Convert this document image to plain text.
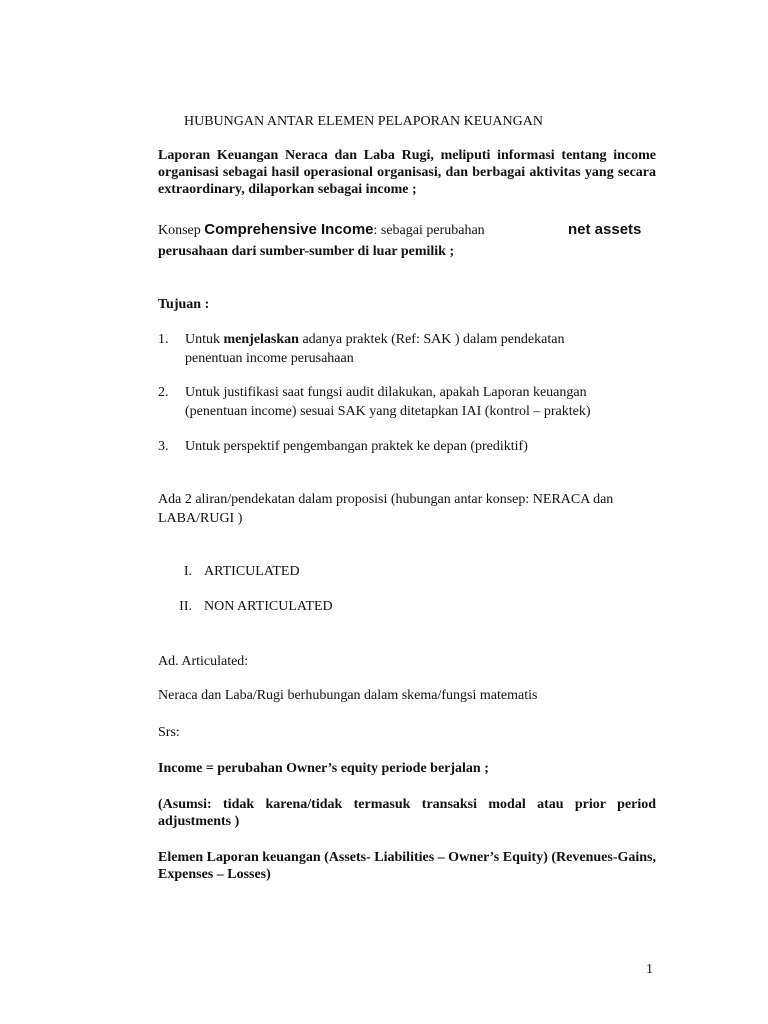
HUBUNGAN ANTAR ELEMEN PELAPORAN KEUANGAN
Laporan Keuangan Neraca dan Laba Rugi, meliputi informasi tentang income organisasi sebagai hasil operasional organisasi, dan berbagai aktivitas yang secara extraordinary, dilaporkan sebagai income ;
Konsep Comprehensive Income: sebagai perubahan	net assets
perusahaan dari sumber-sumber di luar pemilik ;
Tujuan :
1. Untuk menjelaskan adanya praktek (Ref: SAK ) dalam pendekatan
penentuan income perusahaan
2. Untuk justifikasi saat fungsi audit dilakukan, apakah Laporan keuangan
(penentuan income) sesuai SAK yang ditetapkan IAI (kontrol – praktek)
3. Untuk perspektif pengembangan praktek ke depan (prediktif)
Ada 2 aliran/pendekatan dalam proposisi (hubungan antar konsep: NERACA dan
LABA/RUGI )
I. ARTICULATED
II. NON ARTICULATED
Ad. Articulated:
Neraca dan Laba/Rugi berhubungan dalam skema/fungsi matematis
Srs:
Income = perubahan Owner’s equity periode berjalan ;
(Asumsi: tidak karena/tidak termasuk transaksi modal atau prior period adjustments )
Elemen Laporan keuangan (Assets- Liabilities – Owner’s Equity) (Revenues-Gains, Expenses – Losses)
1
